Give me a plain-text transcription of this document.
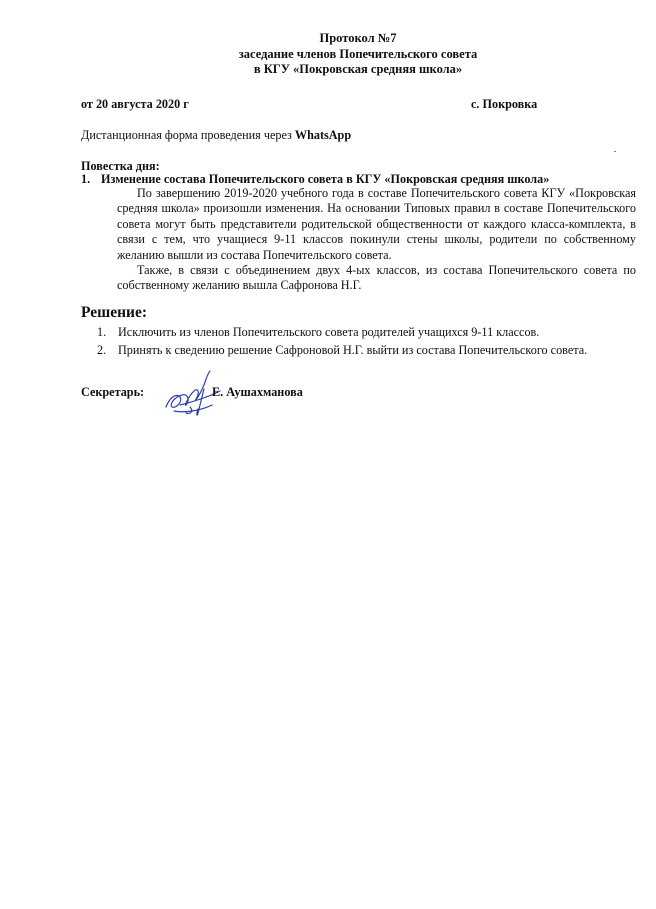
Протокол №7
заседание членов Попечительского совета
в КГУ «Покровская средняя школа»
от 20 августа 2020 г	с. Покровка
Дистанционная форма проведения через WhatsApp
Повестка дня:
1. Изменение состава Попечительского совета в КГУ «Покровская средняя школа»

По завершению 2019-2020 учебного года в составе Попечительского совета КГУ «Покровская средняя школа» произошли изменения. На основании Типовых правил в составе Попечительского совета могут быть представители родительской общественности от каждого класса-комплекта, в связи с тем, что учащиеся 9-11 классов покинули стены школы, родители по собственному желанию вышли из состава Попечительского совета.

Также, в связи с объединением двух 4-ых классов, из состава Попечительского совета по собственному желанию вышла Сафронова Н.Г.

Решение:
1. Исключить из членов Попечительского совета родителей учащихся 9-11 классов.
2. Принять к сведению решение Сафроновой Н.Г. выйти из состава Попечительского совета.
Секретарь:	Е. Аушахманова
